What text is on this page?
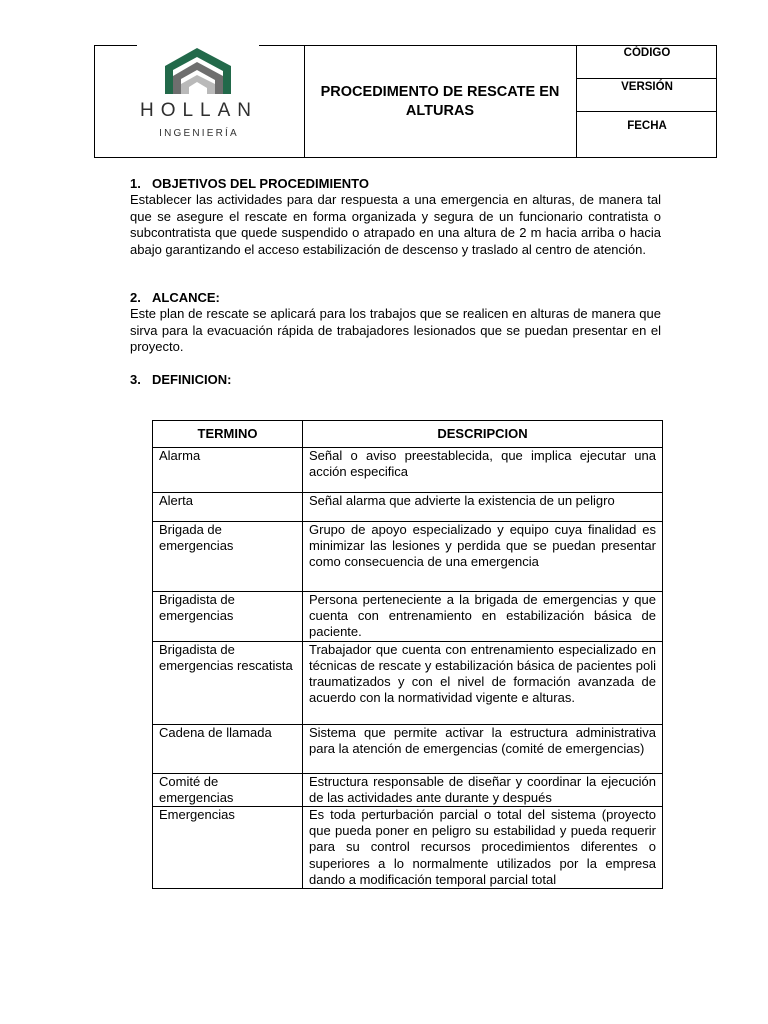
HOLLAN
INGENIERÍA
PROCEDIMENTO DE RESCATE EN
ALTURAS
CÓDIGO
VERSIÓN
FECHA
1. OBJETIVOS DEL PROCEDIMIENTO
Establecer las actividades para dar respuesta a una emergencia en alturas, de manera tal que se asegure el rescate en forma organizada y segura de un funcionario contratista o subcontratista que quede suspendido o atrapado en una altura de 2 m hacia arriba o hacia abajo garantizando el acceso estabilización de descenso y traslado al centro de atención.
2. ALCANCE:
Este plan de rescate se aplicará para los trabajos que se realicen en alturas de manera que sirva para la evacuación rápida de trabajadores lesionados que se puedan presentar en el proyecto.
3. DEFINICION:
TERMINO	DESCRIPCION
Alarma	Señal o aviso preestablecida, que implica ejecutar una acción especifica
Alerta	Señal alarma que advierte la existencia de un peligro
Brigada de emergencias	Grupo de apoyo especializado y equipo cuya finalidad es minimizar las lesiones y perdida que se puedan presentar como consecuencia de una emergencia
Brigadista de emergencias	Persona perteneciente a la brigada de emergencias y que cuenta con entrenamiento en estabilización básica de paciente.
Brigadista de emergencias rescatista	Trabajador que cuenta con entrenamiento especializado en técnicas de rescate y estabilización básica de pacientes poli traumatizados y con el nivel de formación avanzada de acuerdo con la normatividad vigente e alturas.
Cadena de llamada	Sistema que permite activar la estructura administrativa para la atención de emergencias (comité de emergencias)
Comité de emergencias	Estructura responsable de diseñar y coordinar la ejecución de las actividades ante durante y después
Emergencias	Es toda perturbación parcial o total del sistema (proyecto que pueda poner en peligro su estabilidad y pueda requerir para su control recursos procedimientos diferentes o superiores a lo normalmente utilizados por la empresa dando a modificación temporal parcial total
